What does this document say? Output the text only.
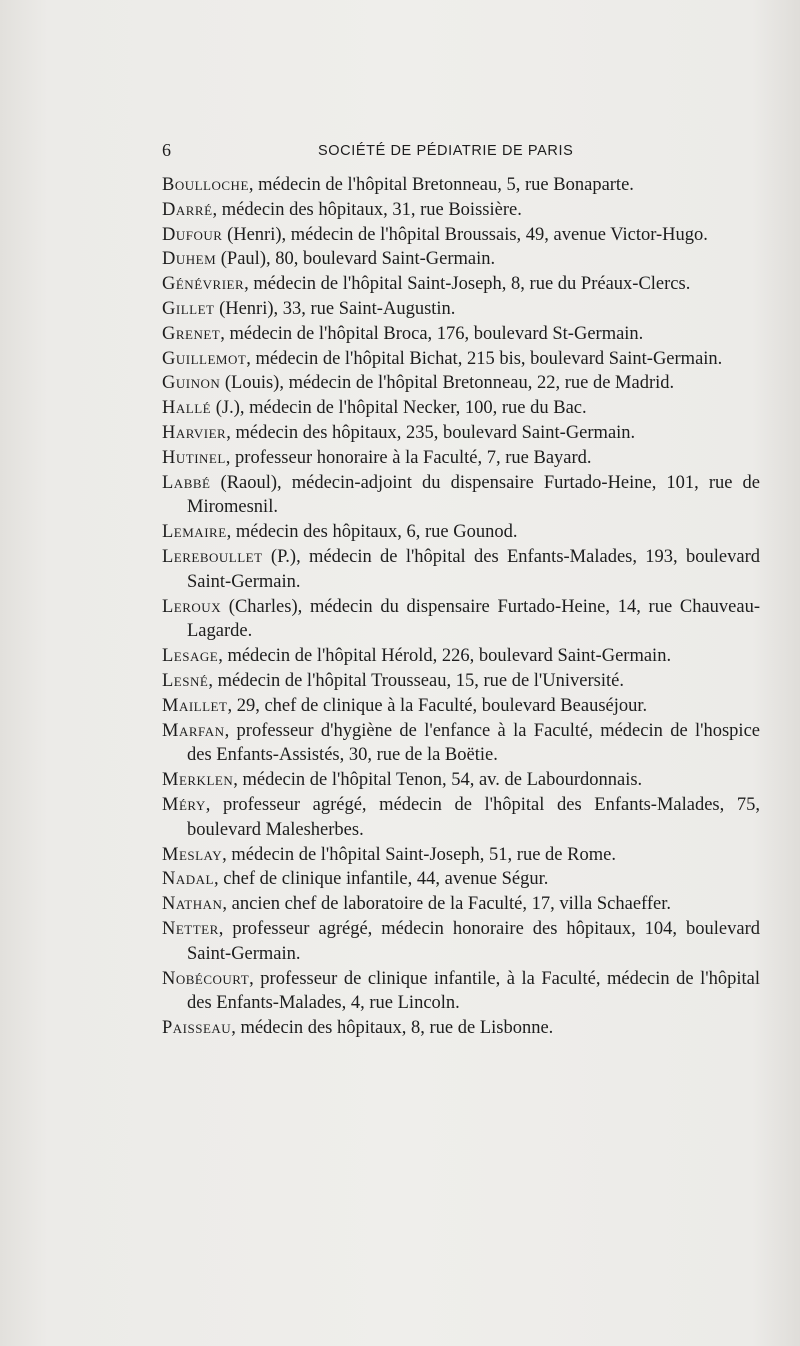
6	SOCIÉTÉ DE PÉDIATRIE DE PARIS
Boulloche, médecin de l'hôpital Bretonneau, 5, rue Bonaparte.
Darré, médecin des hôpitaux, 31, rue Boissière.
Dufour (Henri), médecin de l'hôpital Broussais, 49, avenue Victor-Hugo.
Duhem (Paul), 80, boulevard Saint-Germain.
Génévrier, médecin de l'hôpital Saint-Joseph, 8, rue du Préaux-Clercs.
Gillet (Henri), 33, rue Saint-Augustin.
Grenet, médecin de l'hôpital Broca, 176, boulevard St-Germain.
Guillemot, médecin de l'hôpital Bichat, 215 bis, boulevard Saint-Germain.
Guinon (Louis), médecin de l'hôpital Bretonneau, 22, rue de Madrid.
Hallé (J.), médecin de l'hôpital Necker, 100, rue du Bac.
Harvier, médecin des hôpitaux, 235, boulevard Saint-Germain.
Hutinel, professeur honoraire à la Faculté, 7, rue Bayard.
Labbé (Raoul), médecin-adjoint du dispensaire Furtado-Heine, 101, rue de Miromesnil.
Lemaire, médecin des hôpitaux, 6, rue Gounod.
Lereboullet (P.), médecin de l'hôpital des Enfants-Malades, 193, boulevard Saint-Germain.
Leroux (Charles), médecin du dispensaire Furtado-Heine, 14, rue Chauveau-Lagarde.
Lesage, médecin de l'hôpital Hérold, 226, boulevard Saint-Germain.
Lesné, médecin de l'hôpital Trousseau, 15, rue de l'Université.
Maillet, 29, chef de clinique à la Faculté, boulevard Beauséjour.
Marfan, professeur d'hygiène de l'enfance à la Faculté, médecin de l'hospice des Enfants-Assistés, 30, rue de la Boëtie.
Merklen, médecin de l'hôpital Tenon, 54, av. de Labourdonnais.
Méry, professeur agrégé, médecin de l'hôpital des Enfants-Malades, 75, boulevard Malesherbes.
Meslay, médecin de l'hôpital Saint-Joseph, 51, rue de Rome.
Nadal, chef de clinique infantile, 44, avenue Ségur.
Nathan, ancien chef de laboratoire de la Faculté, 17, villa Schaeffer.
Netter, professeur agrégé, médecin honoraire des hôpitaux, 104, boulevard Saint-Germain.
Nobécourt, professeur de clinique infantile, à la Faculté, médecin de l'hôpital des Enfants-Malades, 4, rue Lincoln.
Paisseau, médecin des hôpitaux, 8, rue de Lisbonne.
